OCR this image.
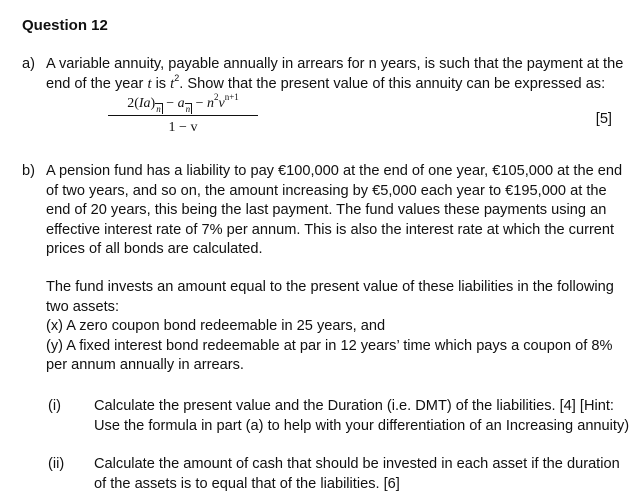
Question 12
a) A variable annuity, payable annually in arrears for n years, is such that the payment at the end of the year t is $t^2$. Show that the present value of this annuity can be expressed as:
$\frac{2(Ia)_n - a_n - n^2v^{n+1}}{1 - v}$	[5]
b) A pension fund has a liability to pay €100,000 at the end of one year, €105,000 at the end of two years, and so on, the amount increasing by €5,000 each year to €195,000 at the end of 20 years, this being the last payment. The fund values these payments using an effective interest rate of 7% per annum. This is also the interest rate at which the current prices of all bonds are calculated.

The fund invests an amount equal to the present value of these liabilities in the following two assets:

(x) A zero coupon bond redeemable in 25 years, and

(y) A fixed interest bond redeemable at par in 12 years’ time which pays a coupon of 8% per annum annually in arrears.

(i) Calculate the present value and the Duration (i.e. DMT) of the liabilities. [4] [Hint: Use the formula in part (a) to help with your differentiation of an Increasing annuity)
(ii) Calculate the amount of cash that should be invested in each asset if the duration of the assets is to equal that of the liabilities. [6]
